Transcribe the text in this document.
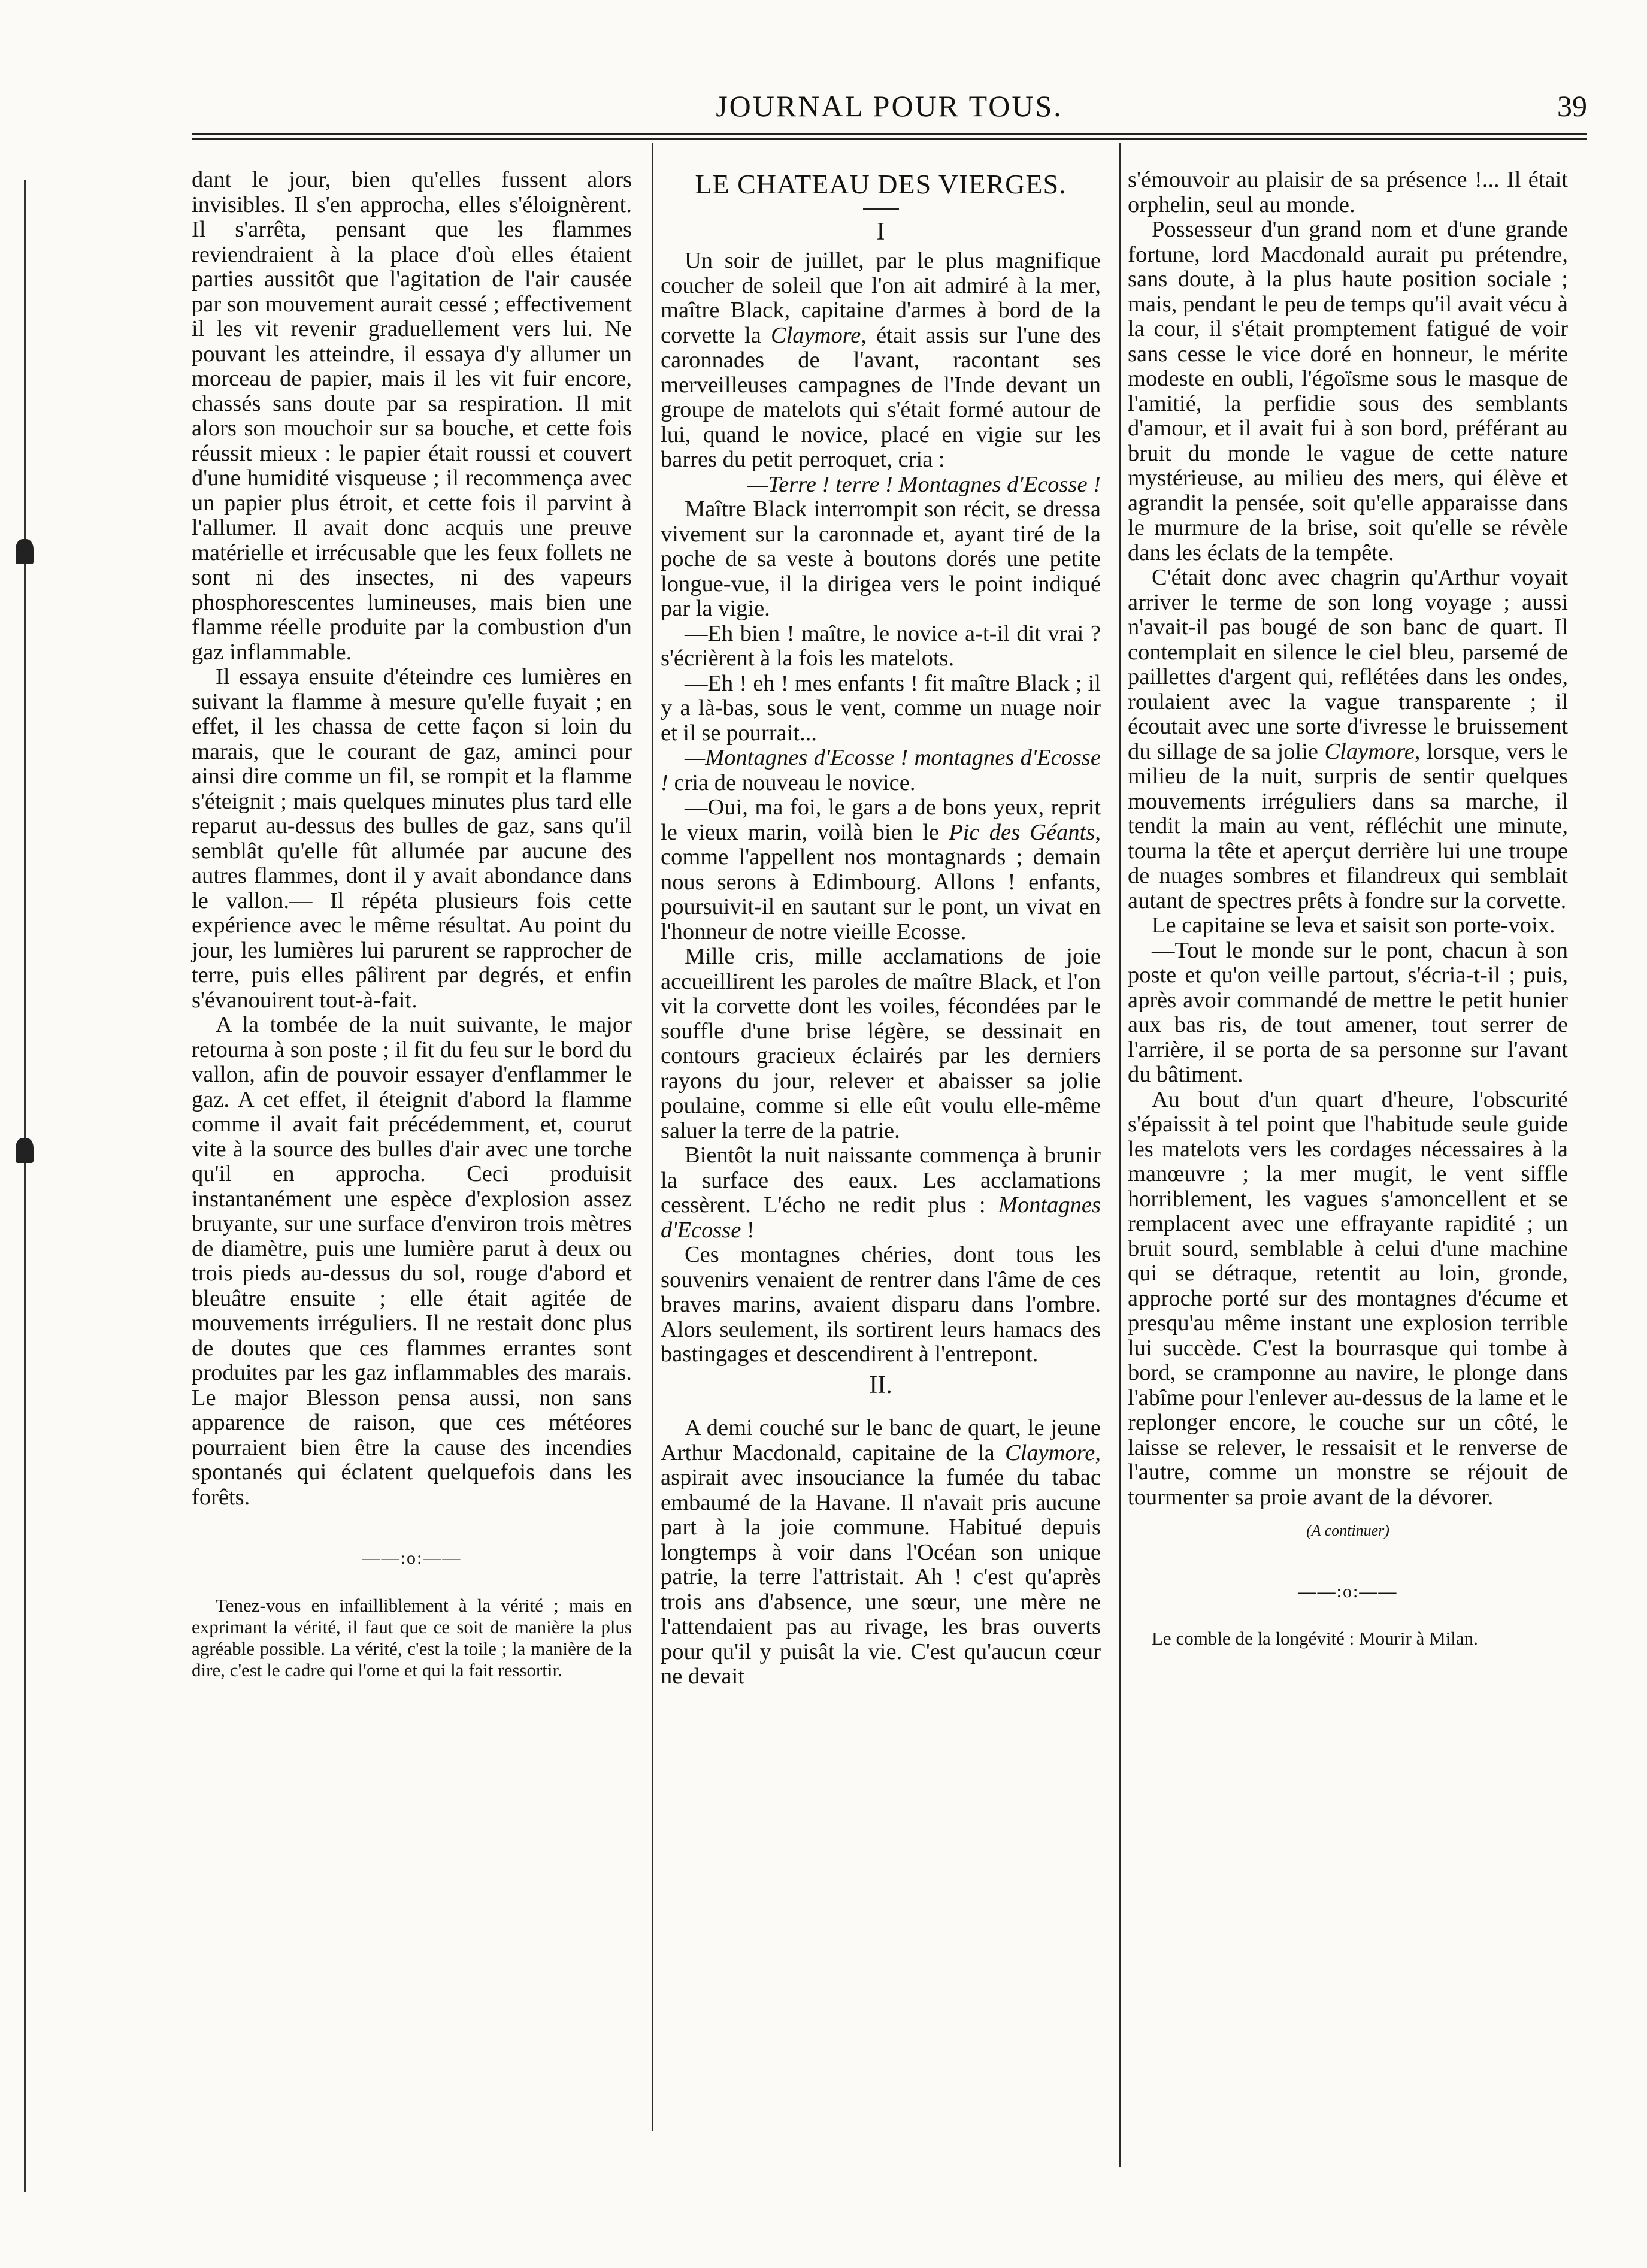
JOURNAL POUR TOUS.	39

dant le jour, bien qu'elles fussent alors invisibles. Il s'en approcha, elles s'éloignèrent. Il s'arrêta, pensant que les flammes reviendraient à la place d'où elles étaient parties aussitôt que l'agitation de l'air causée par son mouvement aurait cessé ; effectivement il les vit revenir graduellement vers lui. Ne pouvant les atteindre, il essaya d'y allumer un morceau de papier, mais il les vit fuir encore, chassés sans doute par sa respiration. Il mit alors son mouchoir sur sa bouche, et cette fois réussit mieux : le papier était roussi et couvert d'une humidité visqueuse ; il recommença avec un papier plus étroit, et cette fois il parvint à l'allumer. Il avait donc acquis une preuve matérielle et irrécusable que les feux follets ne sont ni des insectes, ni des vapeurs phosphorescentes lumineuses, mais bien une flamme réelle produite par la combustion d'un gaz inflammable.

Il essaya ensuite d'éteindre ces lumières en suivant la flamme à mesure qu'elle fuyait ; en effet, il les chassa de cette façon si loin du marais, que le courant de gaz, aminci pour ainsi dire comme un fil, se rompit et la flamme s'éteignit ; mais quelques minutes plus tard elle reparut au-dessus des bulles de gaz, sans qu'il semblât qu'elle fût allumée par aucune des autres flammes, dont il y avait abondance dans le vallon.— Il répéta plusieurs fois cette expérience avec le même résultat. Au point du jour, les lumières lui parurent se rapprocher de terre, puis elles pâlirent par degrés, et enfin s'évanouirent tout-à-fait.

A la tombée de la nuit suivante, le major retourna à son poste ; il fit du feu sur le bord du vallon, afin de pouvoir essayer d'enflammer le gaz. A cet effet, il éteignit d'abord la flamme comme il avait fait précédemment, et, courut vite à la source des bulles d'air avec une torche qu'il en approcha. Ceci produisit instantanément une espèce d'explosion assez bruyante, sur une surface d'environ trois mètres de diamètre, puis une lumière parut à deux ou trois pieds au-dessus du sol, rouge d'abord et bleuâtre ensuite ; elle était agitée de mouvements irréguliers. Il ne restait donc plus de doutes que ces flammes errantes sont produites par les gaz inflammables des marais. Le major Blesson pensa aussi, non sans apparence de raison, que ces météores pourraient bien être la cause des incendies spontanés qui éclatent quelquefois dans les forêts.

——:o:——

Tenez-vous en infailliblement à la vérité ; mais en exprimant la vérité, il faut que ce soit de manière la plus agréable possible. La vérité, c'est la toile ; la manière de la dire, c'est le cadre qui l'orne et qui la fait ressortir.

LE CHATEAU DES VIERGES.
I

Un soir de juillet, par le plus magnifique coucher de soleil que l'on ait admiré à la mer, maître Black, capitaine d'armes à bord de la corvette la Claymore, était assis sur l'une des caronnades de l'avant, racontant ses merveilleuses campagnes de l'Inde devant un groupe de matelots qui s'était formé autour de lui, quand le novice, placé en vigie sur les barres du petit perroquet, cria :

—Terre ! terre ! Montagnes d'Ecosse !

Maître Black interrompit son récit, se dressa vivement sur la caronnade et, ayant tiré de la poche de sa veste à boutons dorés une petite longue-vue, il la dirigea vers le point indiqué par la vigie.

—Eh bien ! maître, le novice a-t-il dit vrai ? s'écrièrent à la fois les matelots.

—Eh ! eh ! mes enfants ! fit maître Black ; il y a là-bas, sous le vent, comme un nuage noir et il se pourrait...

—Montagnes d'Ecosse ! montagnes d'Ecosse ! cria de nouveau le novice.

—Oui, ma foi, le gars a de bons yeux, reprit le vieux marin, voilà bien le Pic des Géants, comme l'appellent nos montagnards ; demain nous serons à Edimbourg. Allons ! enfants, poursuivit-il en sautant sur le pont, un vivat en l'honneur de notre vieille Ecosse.

Mille cris, mille acclamations de joie accueillirent les paroles de maître Black, et l'on vit la corvette dont les voiles, fécondées par le souffle d'une brise légère, se dessinait en contours gracieux éclairés par les derniers rayons du jour, relever et abaisser sa jolie poulaine, comme si elle eût voulu elle-même saluer la terre de la patrie.

Bientôt la nuit naissante commença à brunir la surface des eaux. Les acclamations cessèrent. L'écho ne redit plus : Montagnes d'Ecosse !

Ces montagnes chéries, dont tous les souvenirs venaient de rentrer dans l'âme de ces braves marins, avaient disparu dans l'ombre. Alors seulement, ils sortirent leurs hamacs des bastingages et descendirent à l'entrepont.

II.

A demi couché sur le banc de quart, le jeune Arthur Macdonald, capitaine de la Claymore, aspirait avec insouciance la fumée du tabac embaumé de la Havane. Il n'avait pris aucune part à la joie commune. Habitué depuis longtemps à voir dans l'Océan son unique patrie, la terre l'attristait. Ah ! c'est qu'après trois ans d'absence, une sœur, une mère ne l'attendaient pas au rivage, les bras ouverts pour qu'il y puisât la vie. C'est qu'aucun cœur ne devait

s'émouvoir au plaisir de sa présence !... Il était orphelin, seul au monde.

Possesseur d'un grand nom et d'une grande fortune, lord Macdonald aurait pu prétendre, sans doute, à la plus haute position sociale ; mais, pendant le peu de temps qu'il avait vécu à la cour, il s'était promptement fatigué de voir sans cesse le vice doré en honneur, le mérite modeste en oubli, l'égoïsme sous le masque de l'amitié, la perfidie sous des semblants d'amour, et il avait fui à son bord, préférant au bruit du monde le vague de cette nature mystérieuse, au milieu des mers, qui élève et agrandit la pensée, soit qu'elle apparaisse dans le murmure de la brise, soit qu'elle se révèle dans les éclats de la tempête.

C'était donc avec chagrin qu'Arthur voyait arriver le terme de son long voyage ; aussi n'avait-il pas bougé de son banc de quart. Il contemplait en silence le ciel bleu, parsemé de paillettes d'argent qui, reflétées dans les ondes, roulaient avec la vague transparente ; il écoutait avec une sorte d'ivresse le bruissement du sillage de sa jolie Claymore, lorsque, vers le milieu de la nuit, surpris de sentir quelques mouvements irréguliers dans sa marche, il tendit la main au vent, réfléchit une minute, tourna la tête et aperçut derrière lui une troupe de nuages sombres et filandreux qui semblait autant de spectres prêts à fondre sur la corvette.

Le capitaine se leva et saisit son porte-voix.

—Tout le monde sur le pont, chacun à son poste et qu'on veille partout, s'écria-t-il ; puis, après avoir commandé de mettre le petit hunier aux bas ris, de tout amener, tout serrer de l'arrière, il se porta de sa personne sur l'avant du bâtiment.

Au bout d'un quart d'heure, l'obscurité s'épaissit à tel point que l'habitude seule guide les matelots vers les cordages nécessaires à la manœuvre ; la mer mugit, le vent siffle horriblement, les vagues s'amoncellent et se remplacent avec une effrayante rapidité ; un bruit sourd, semblable à celui d'une machine qui se détraque, retentit au loin, gronde, approche porté sur des montagnes d'écume et presqu'au même instant une explosion terrible lui succède. C'est la bourrasque qui tombe à bord, se cramponne au navire, le plonge dans l'abîme pour l'enlever au-dessus de la lame et le replonger encore, le couche sur un côté, le laisse se relever, le ressaisit et le renverse de l'autre, comme un monstre se réjouit de tourmenter sa proie avant de la dévorer.

(A continuer)
——:o:——

Le comble de la longévité : Mourir à Milan.
